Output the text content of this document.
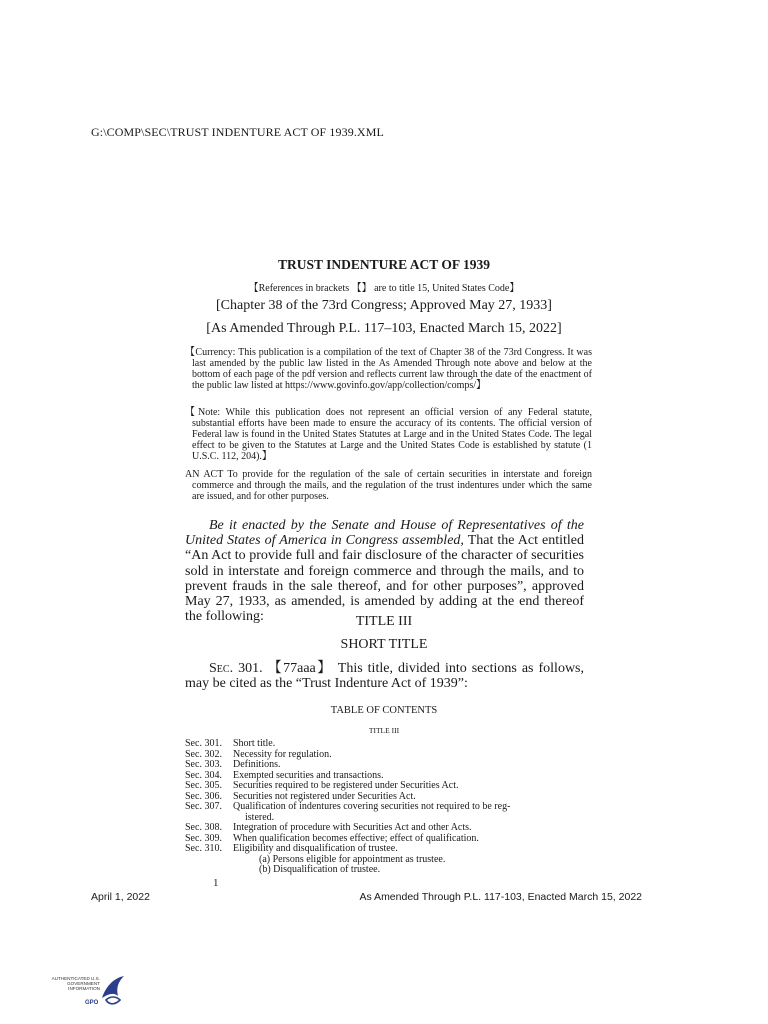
G:\COMP\SEC\TRUST INDENTURE ACT OF 1939.XML
TRUST INDENTURE ACT OF 1939
【References in brackets 【】 are to title 15, United States Code】
[Chapter 38 of the 73rd Congress; Approved May 27, 1933]
[As Amended Through P.L. 117–103, Enacted March 15, 2022]
【Currency: This publication is a compilation of the text of Chapter 38 of the 73rd Congress. It was last amended by the public law listed in the As Amended Through note above and below at the bottom of each page of the pdf version and reflects current law through the date of the enactment of the public law listed at https://www.govinfo.gov/app/collection/comps/】
【Note: While this publication does not represent an official version of any Federal statute, substantial efforts have been made to ensure the accuracy of its contents. The official version of Federal law is found in the United States Statutes at Large and in the United States Code. The legal effect to be given to the Statutes at Large and the United States Code is established by statute (1 U.S.C. 112, 204).】
AN ACT To provide for the regulation of the sale of certain securities in interstate and foreign commerce and through the mails, and the regulation of the trust indentures under which the same are issued, and for other purposes.
Be it enacted by the Senate and House of Representatives of the United States of America in Congress assembled, That the Act entitled “An Act to provide full and fair disclosure of the character of securities sold in interstate and foreign commerce and through the mails, and to prevent frauds in the sale thereof, and for other purposes”, approved May 27, 1933, as amended, is amended by adding at the end thereof the following:	TITLE III
SHORT TITLE
Sec. 301. 【77aaa】 This title, divided into sections as follows, may be cited as the “Trust Indenture Act of 1939”:
TABLE OF CONTENTS
TITLE III
Sec. 301.	Short title.
Sec. 302.	Necessity for regulation.
Sec. 303.	Definitions.
Sec. 304.	Exempted securities and transactions.
Sec. 305.	Securities required to be registered under Securities Act.
Sec. 306.	Securities not registered under Securities Act.
Sec. 307.	Qualification of indentures covering securities not required to be reg-
istered.
Sec. 308.	Integration of procedure with Securities Act and other Acts.
Sec. 309.	When qualification becomes effective; effect of qualification.
Sec. 310.	Eligibility and disqualification of trustee.
(a) Persons eligible for appointment as trustee.
(b) Disqualification of trustee.
1
April 1, 2022	As Amended Through P.L. 117-103, Enacted March 15, 2022
AUTHENTICATED U.S. GOVERNMENT INFORMATION
GPO
